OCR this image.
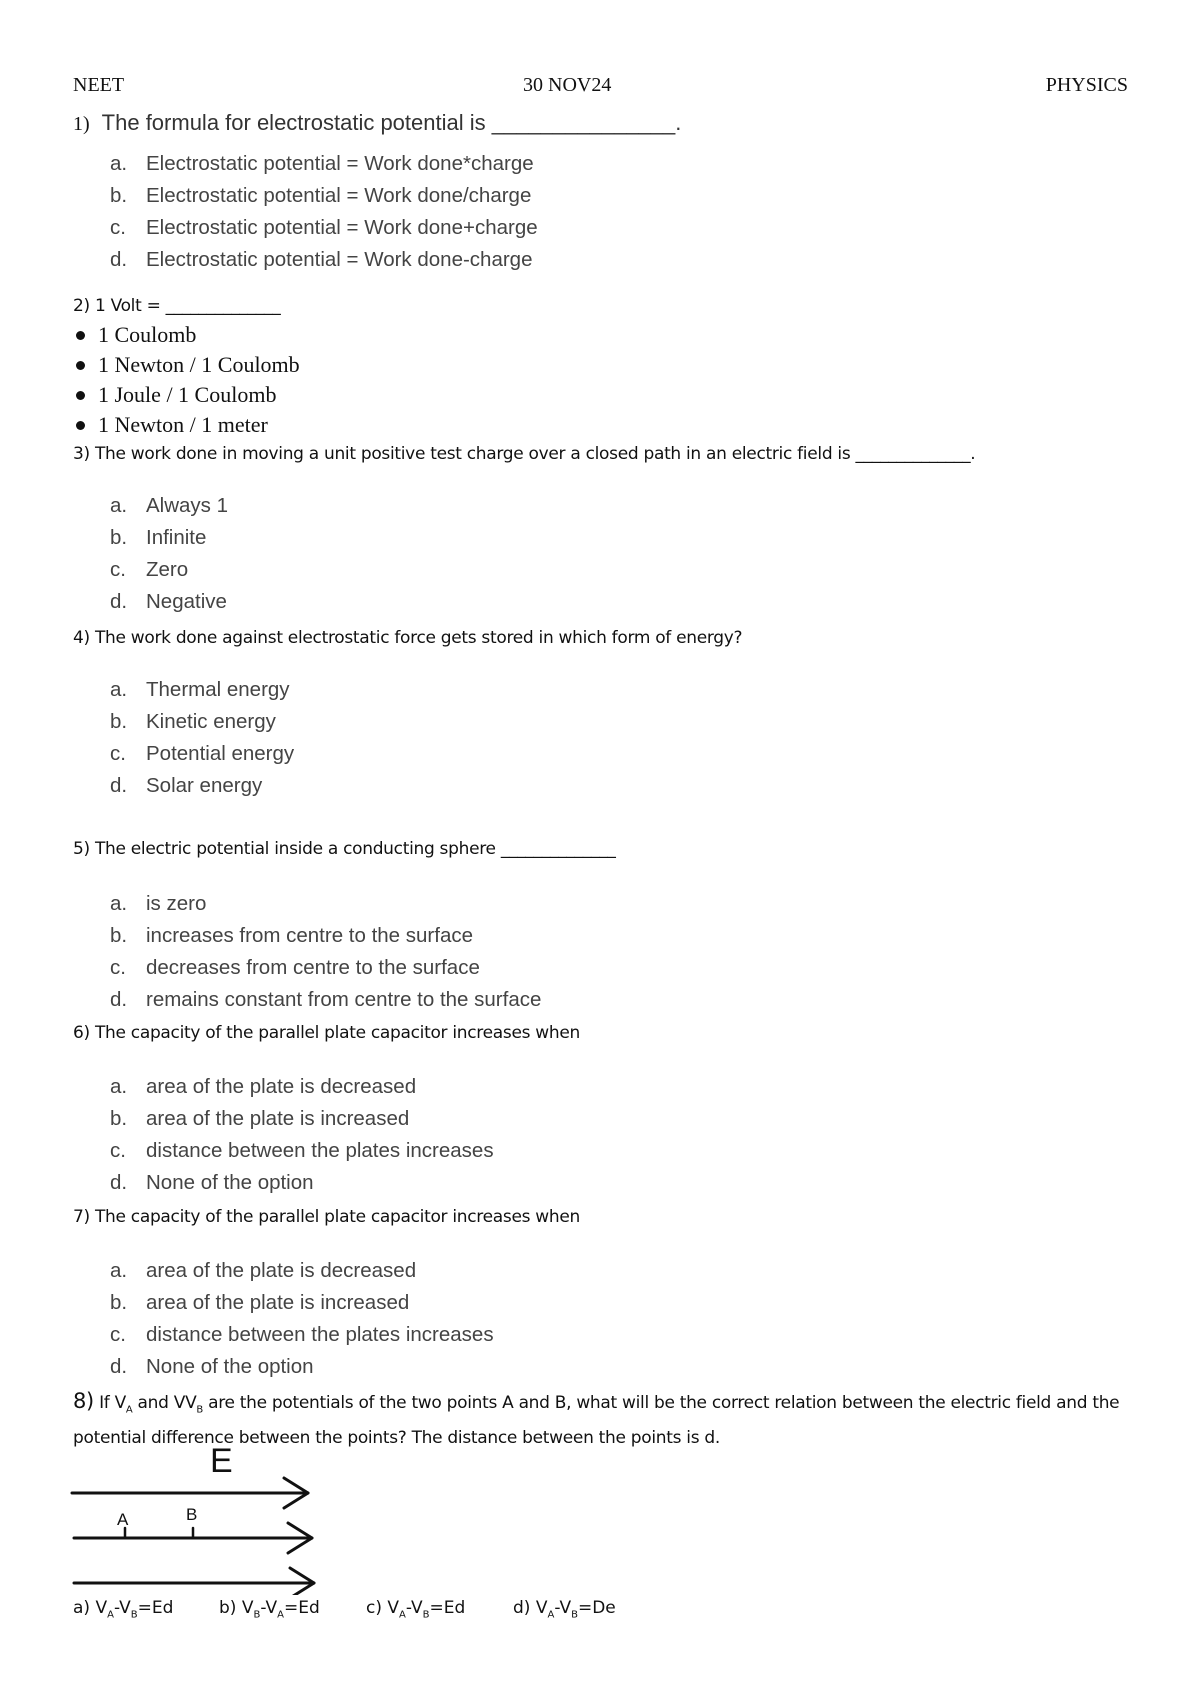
NEET	30 NOV24	PHYSICS
1) The formula for electrostatic potential is _______________.
a. Electrostatic potential = Work done*charge
b. Electrostatic potential = Work done/charge
c. Electrostatic potential = Work done+charge
d. Electrostatic potential = Work done-charge
2) 1 Volt = ______________
1 Coulomb
1 Newton / 1 Coulomb
1 Joule / 1 Coulomb
1 Newton / 1 meter
3) The work done in moving a unit positive test charge over a closed path in an electric field is ______________.
a. Always 1
b. Infinite
c. Zero
d. Negative
4) The work done against electrostatic force gets stored in which form of energy?
a. Thermal energy
b. Kinetic energy
c. Potential energy
d. Solar energy
5) The electric potential inside a conducting sphere ______________
a. is zero
b. increases from centre to the surface
c. decreases from centre to the surface
d. remains constant from centre to the surface
6) The capacity of the parallel plate capacitor increases when
a. area of the plate is decreased
b. area of the plate is increased
c. distance between the plates increases
d. None of the option
7) The capacity of the parallel plate capacitor increases when
a. area of the plate is decreased
b. area of the plate is increased
c. distance between the plates increases
d. None of the option
8) If $V_A$ and $VV_B$ are the potentials of the two points A and B, what will be the correct relation between the electric field and the potential difference between the points? The distance between the points is d.
E
A	B
a) $V_A-V_B=Ed$	b) $V_B-V_A=Ed$	c) $V_A-V_B=Ed$	d) $V_A-V_B=De$
